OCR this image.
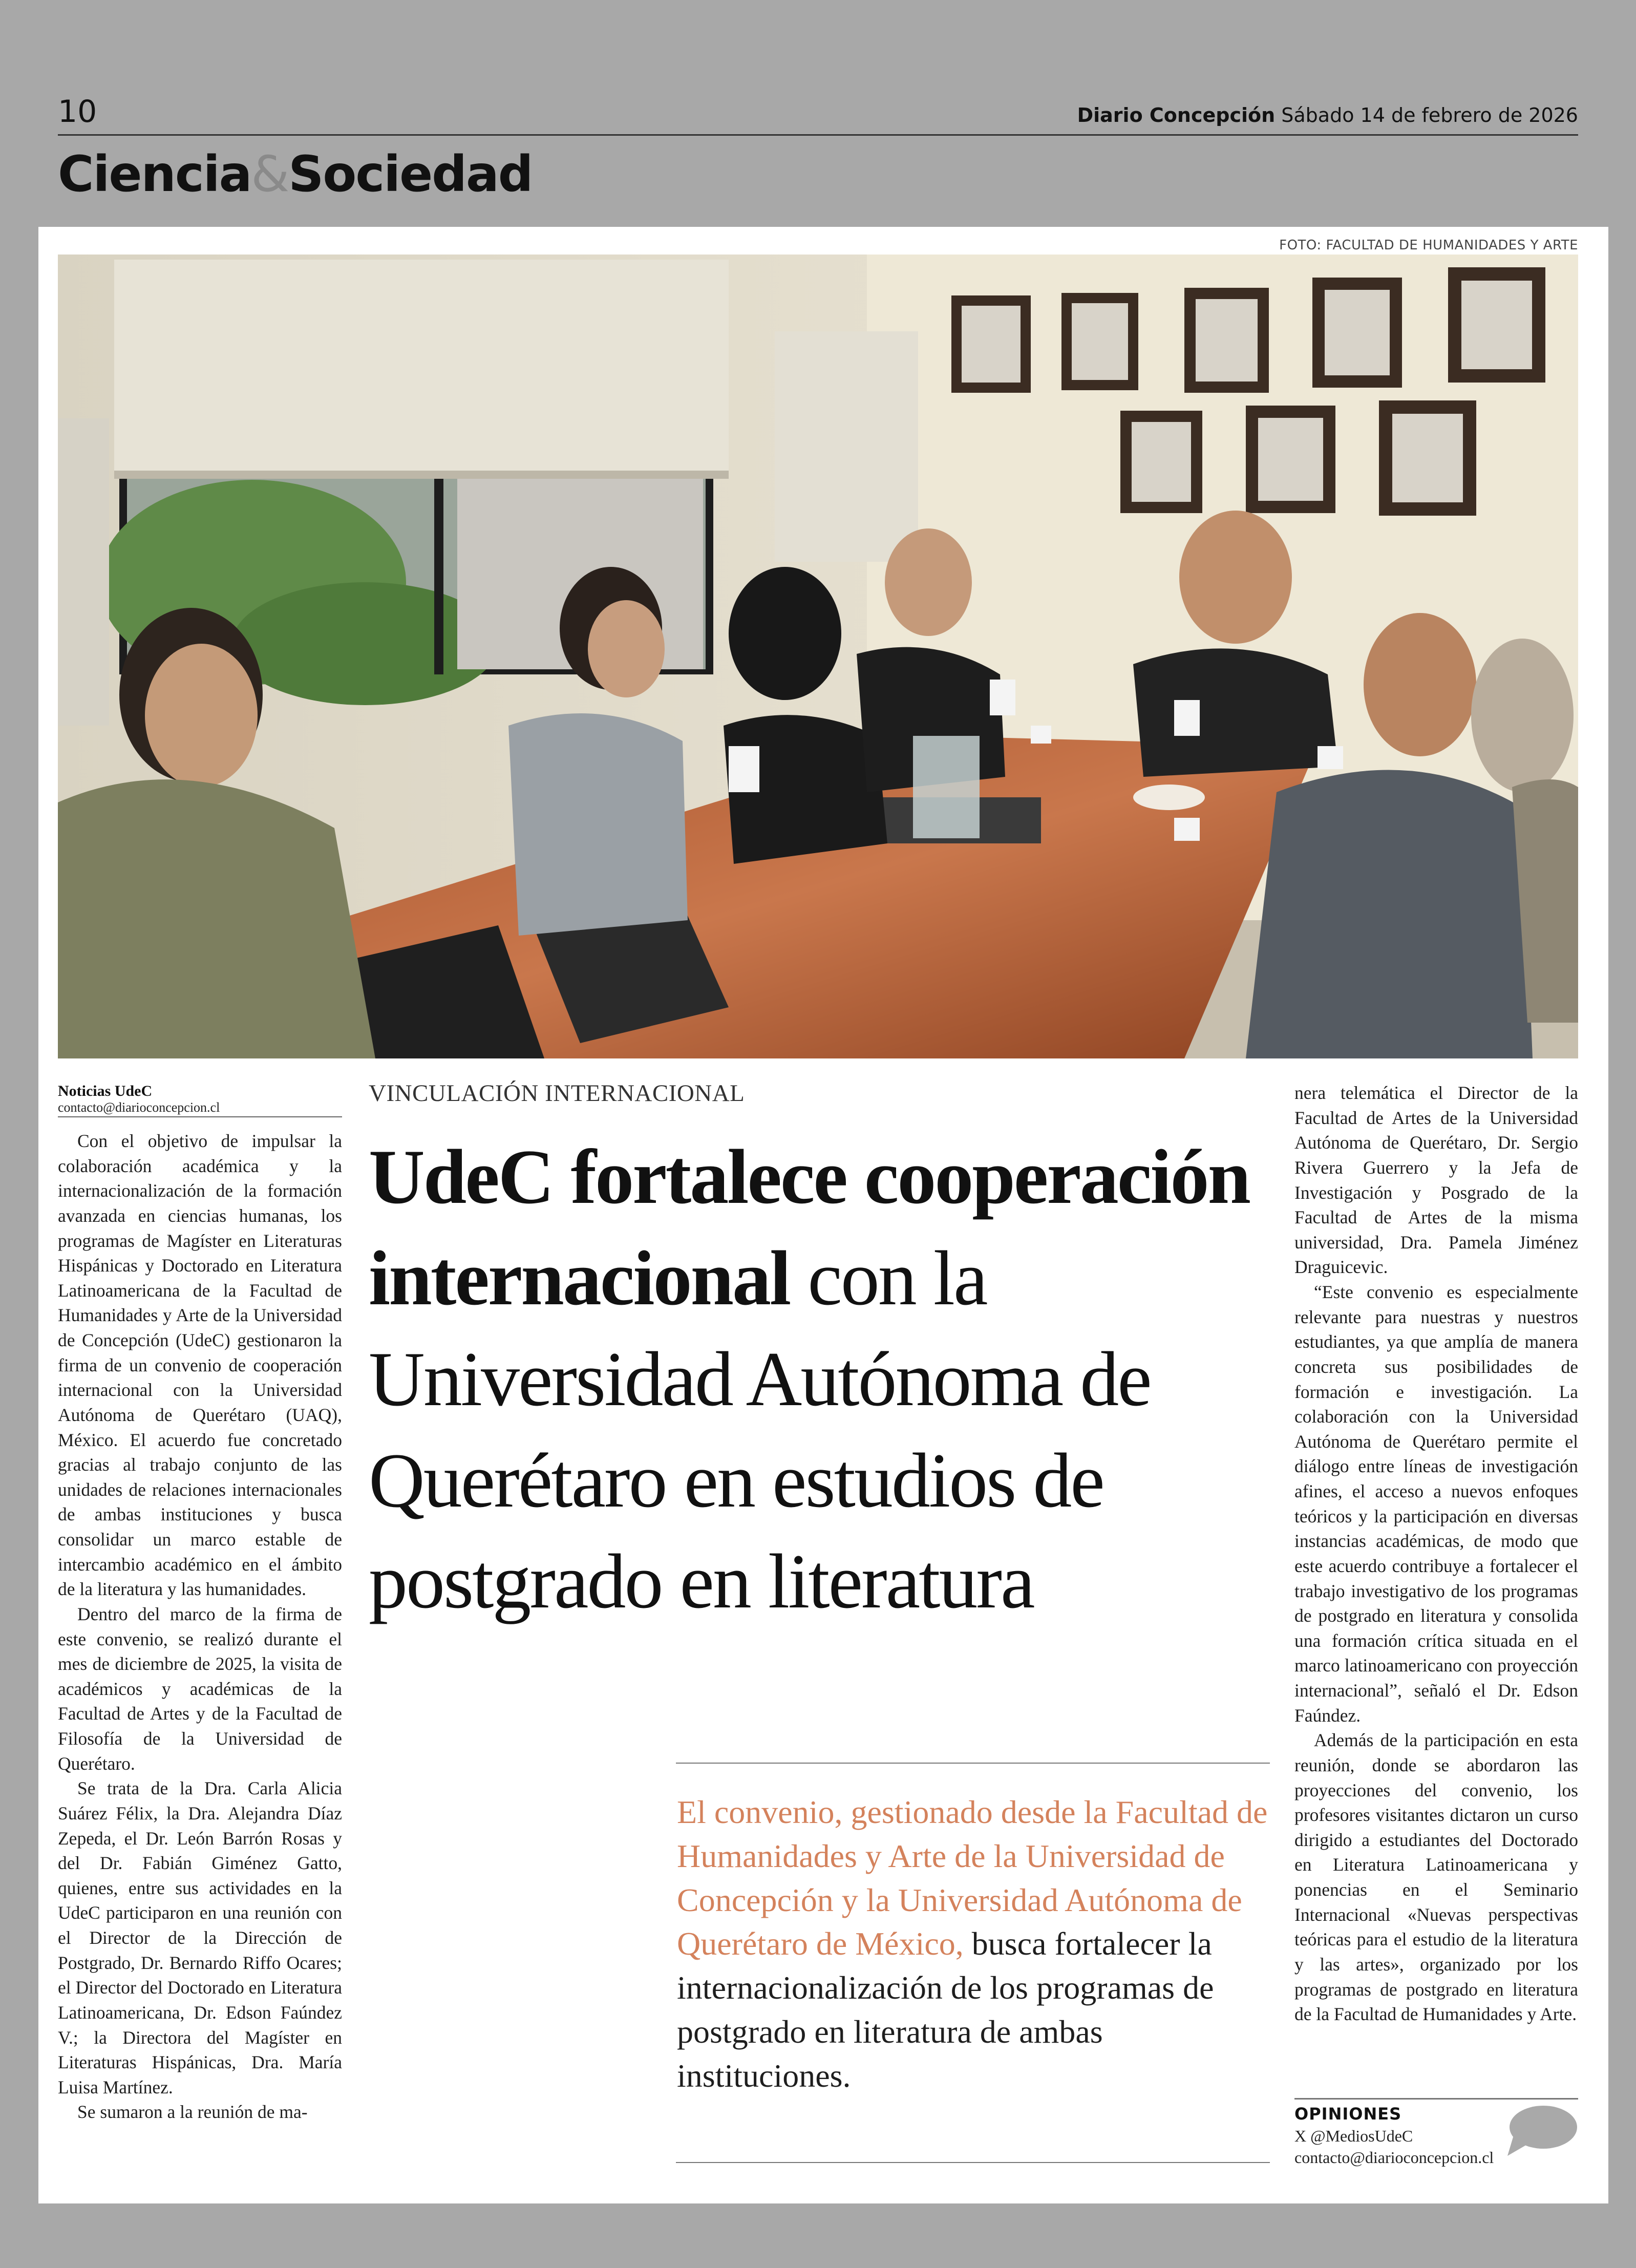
10	Diario Concepción Sábado 14 de febrero de 2026
Ciencia&Sociedad
FOTO: FACULTAD DE HUMANIDADES Y ARTE
Noticias UdeC
contacto@diarioconcepcion.cl

Con el objetivo de impulsar la colaboración académica y la internacionalización de la formación avanzada en ciencias humanas, los programas de Magíster en Literaturas Hispánicas y Doctorado en Literatura Latinoamericana de la Facultad de Humanidades y Arte de la Universidad de Concepción (UdeC) gestionaron la firma de un convenio de cooperación internacional con la Universidad Autónoma de Querétaro (UAQ), México. El acuerdo fue concretado gracias al trabajo conjunto de las unidades de relaciones internacionales de ambas instituciones y busca consolidar un marco estable de intercambio académico en el ámbito de la literatura y las humanidades.

Dentro del marco de la firma de este convenio, se realizó durante el mes de diciembre de 2025, la visita de académicos y académicas de la Facultad de Artes y de la Facultad de Filosofía de la Universidad de Querétaro.

Se trata de la Dra. Carla Alicia Suárez Félix, la Dra. Alejandra Díaz Zepeda, el Dr. León Barrón Rosas y del Dr. Fabián Giménez Gatto, quienes, entre sus actividades en la UdeC participaron en una reunión con el Director de la Dirección de Postgrado, Dr. Bernardo Riffo Ocares; el Director del Doctorado en Literatura Latinoamericana, Dr. Edson Faúndez V.; la Directora del Magíster en Literaturas Hispánicas, Dra. María Luisa Martínez.

Se sumaron a la reunión de ma-

VINCULACIÓN INTERNACIONAL
UdeC fortalece cooperación internacional con la Universidad Autónoma de Querétaro en estudios de postgrado en literatura
El convenio, gestionado desde la Facultad de Humanidades y Arte de la Universidad de Concepción y la Universidad Autónoma de Querétaro de México, busca fortalecer la internacionalización de los programas de postgrado en literatura de ambas instituciones.

nera telemática el Director de la Facultad de Artes de la Universidad Autónoma de Querétaro, Dr. Sergio Rivera Guerrero y la Jefa de Investigación y Posgrado de la Facultad de Artes de la misma universidad, Dra. Pamela Jiménez Draguicevic.

“Este convenio es especialmente relevante para nuestras y nuestros estudiantes, ya que amplía de manera concreta sus posibilidades de formación e investigación. La colaboración con la Universidad Autónoma de Querétaro permite el diálogo entre líneas de investigación afines, el acceso a nuevos enfoques teóricos y la participación en diversas instancias académicas, de modo que este acuerdo contribuye a fortalecer el trabajo investigativo de los programas de postgrado en literatura y consolida una formación crítica situada en el marco latinoamericano con proyección internacional”, señaló el Dr. Edson Faúndez.

Además de la participación en esta reunión, donde se abordaron las proyecciones del convenio, los profesores visitantes dictaron un curso dirigido a estudiantes del Doctorado en Literatura Latinoamericana y ponencias en el Seminario Internacional «Nuevas perspectivas teóricas para el estudio de la literatura y las artes», organizado por los programas de postgrado en literatura de la Facultad de Humanidades y Arte.

OPINIONES
X @MediosUdeC
contacto@diarioconcepcion.cl
